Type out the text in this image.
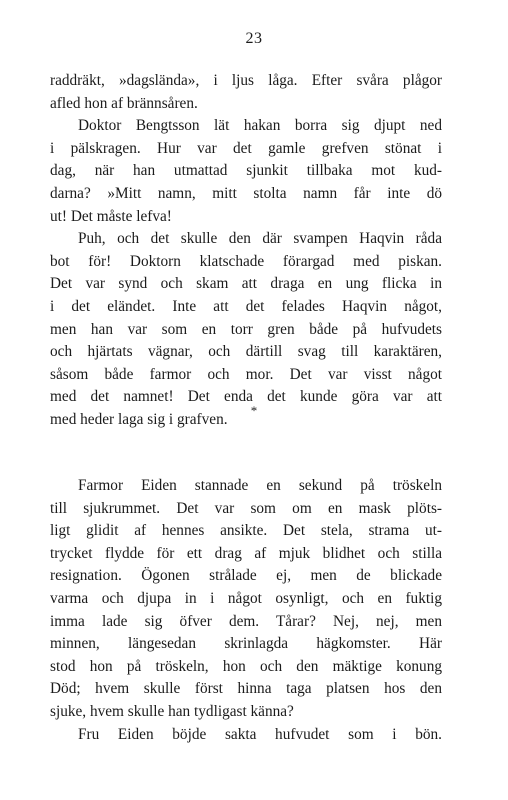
23
raddräkt, »dagslända», i ljus låga. Efter svåra plågor
afled hon af brännsåren.
Doktor Bengtsson lät hakan borra sig djupt ned
i pälskragen. Hur var det gamle grefven stönat i
dag, när han utmattad sjunkit tillbaka mot kud-
darna? »Mitt namn, mitt stolta namn får inte dö
ut! Det måste lefva!
Puh, och det skulle den där svampen Haqvin råda
bot för! Doktorn klatschade förargad med piskan.
Det var synd och skam att draga en ung flicka in
i det eländet. Inte att det felades Haqvin något,
men han var som en torr gren både på hufvudets
och hjärtats vägnar, och därtill svag till karaktären,
såsom både farmor och mor. Det var visst något
med det namnet! Det enda det kunde göra var att
med heder laga sig i grafven.
*
Farmor Eiden stannade en sekund på tröskeln
till sjukrummet. Det var som om en mask plöts-
ligt glidit af hennes ansikte. Det stela, strama ut-
trycket flydde för ett drag af mjuk blidhet och stilla
resignation. Ögonen strålade ej, men de blickade
varma och djupa in i något osynligt, och en fuktig
imma lade sig öfver dem. Tårar? Nej, nej, men
minnen, längesedan skrinlagda hägkomster. Här
stod hon på tröskeln, hon och den mäktige konung
Död; hvem skulle först hinna taga platsen hos den
sjuke, hvem skulle han tydligast känna?
Fru Eiden böjde sakta hufvudet som i bön.
